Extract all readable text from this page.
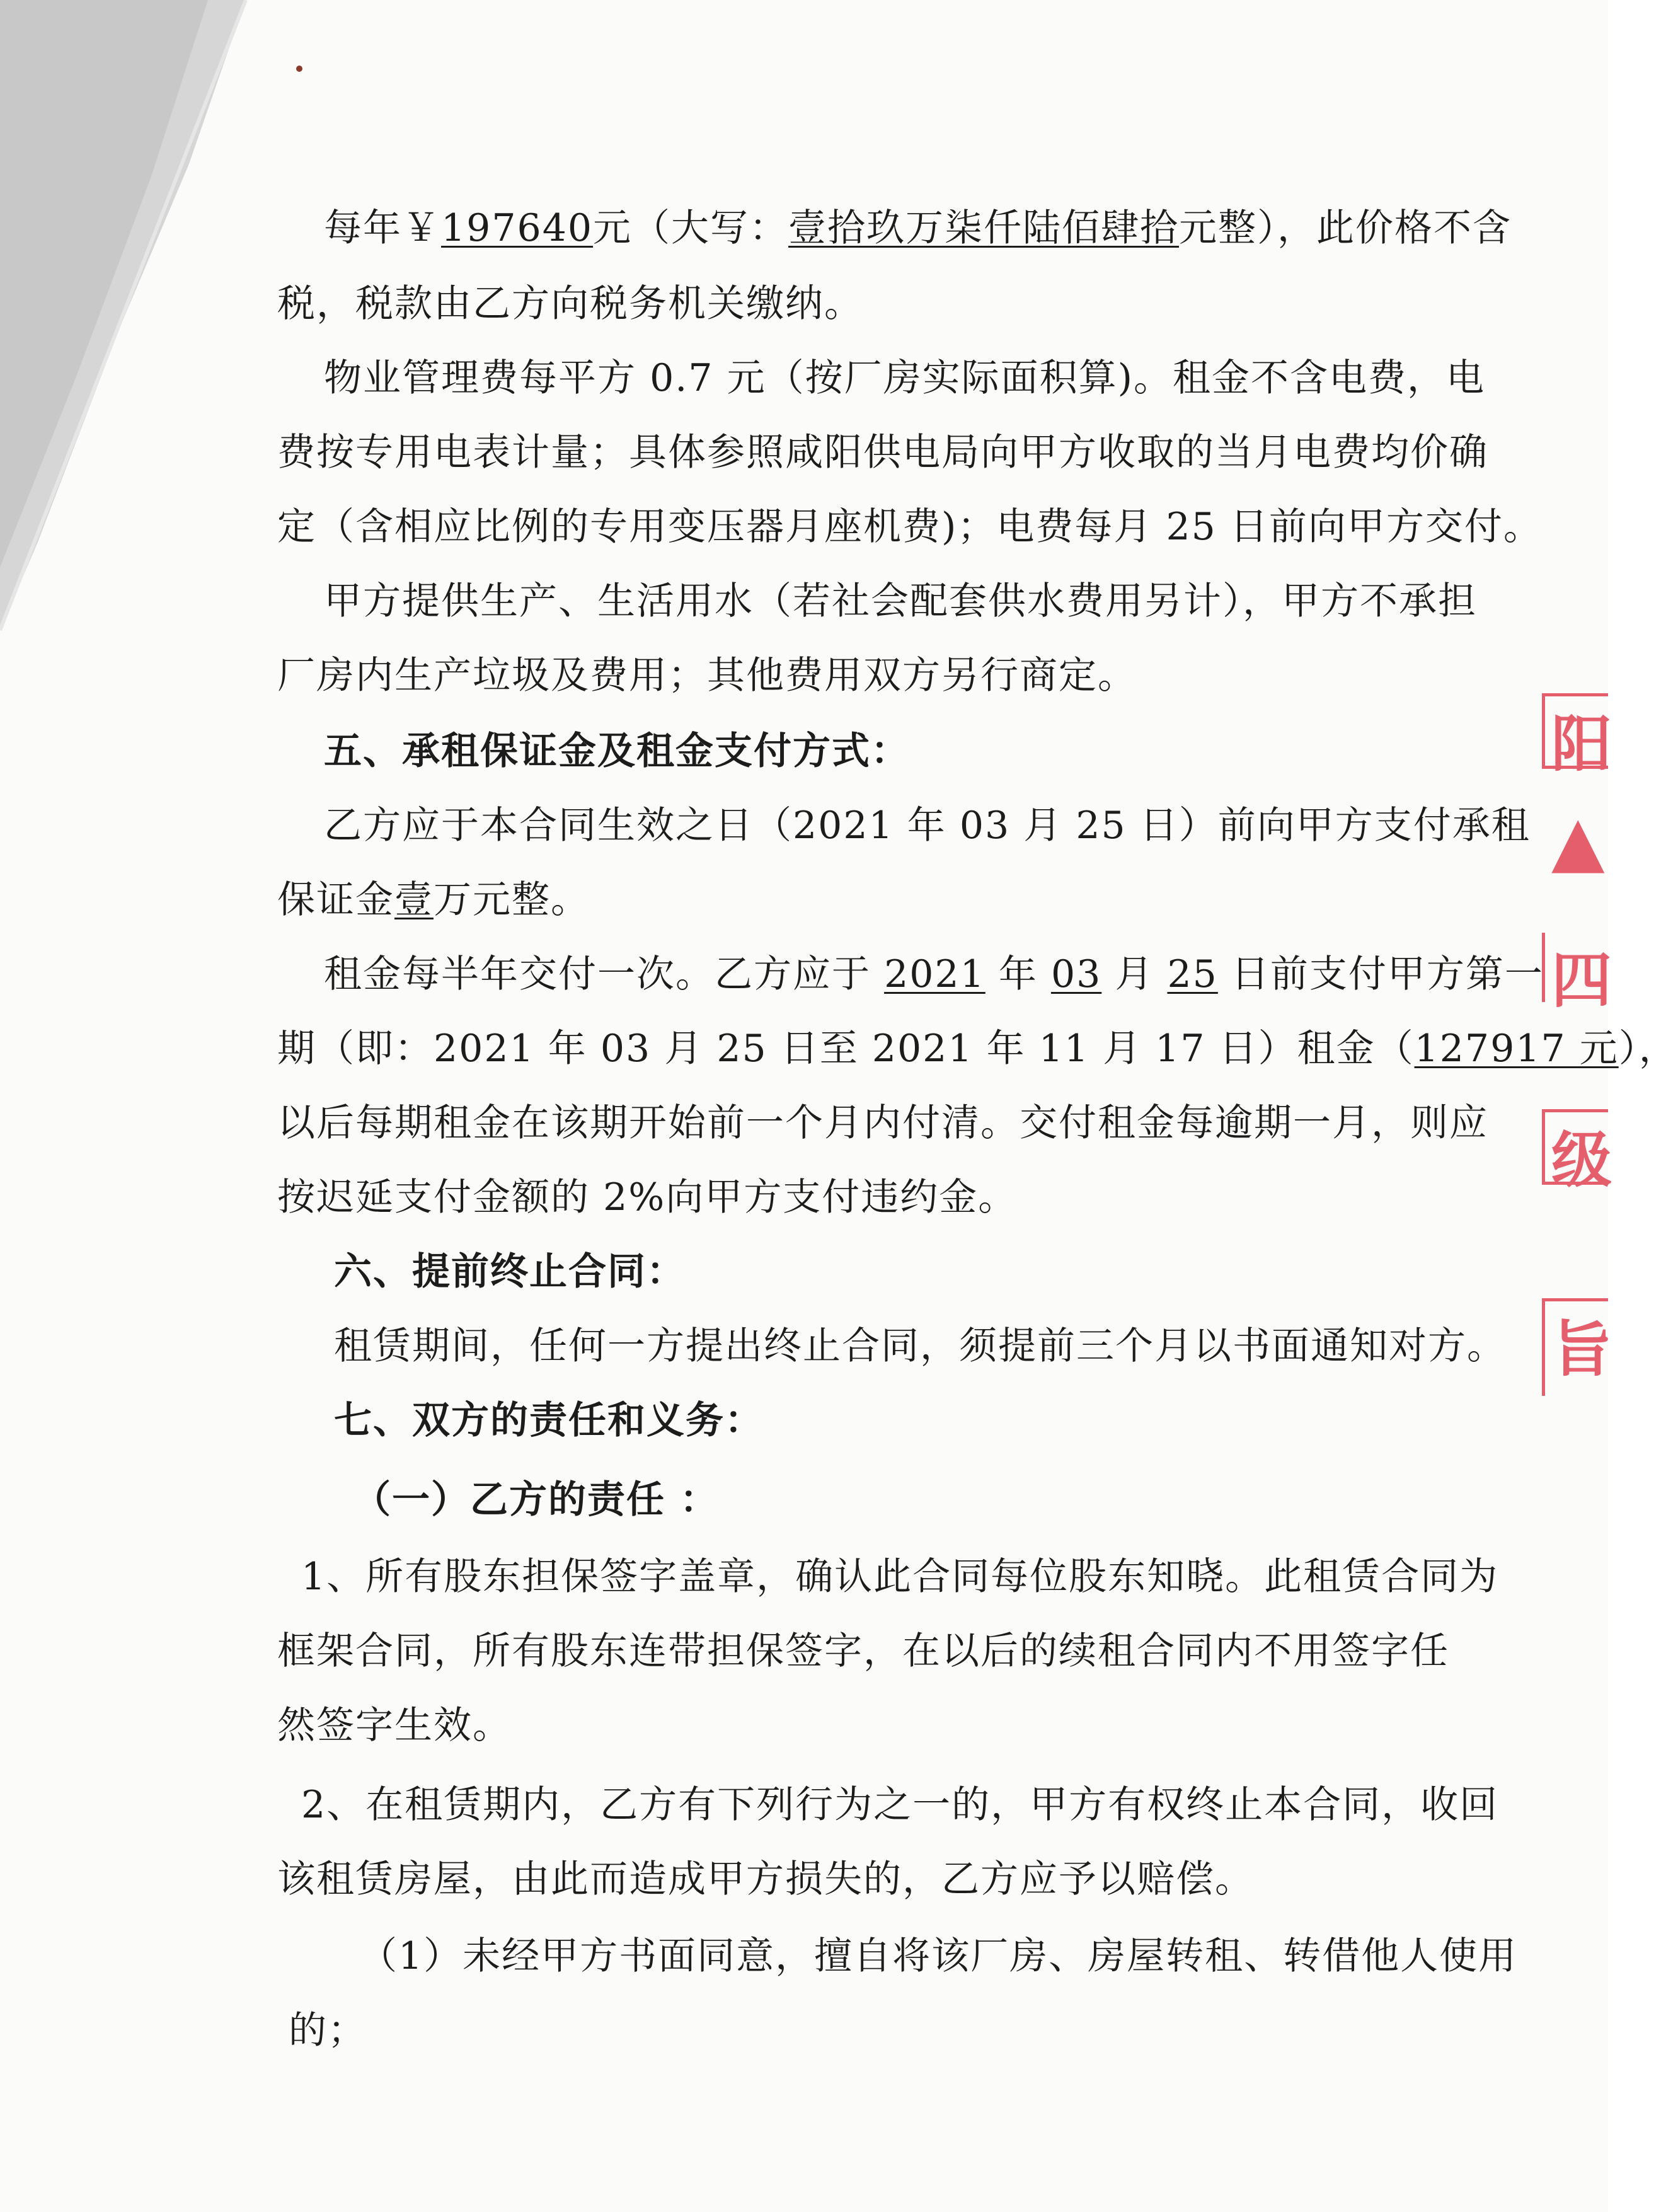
每年￥197640元（大写：壹拾玖万柒仟陆佰肆拾元整），此价格不含
税，税款由乙方向税务机关缴纳。
物业管理费每平方 0.7 元（按厂房实际面积算)。租金不含电费，电
费按专用电表计量；具体参照咸阳供电局向甲方收取的当月电费均价确
定（含相应比例的专用变压器月座机费)；电费每月 25 日前向甲方交付。
甲方提供生产、生活用水（若社会配套供水费用另计），甲方不承担
厂房内生产垃圾及费用；其他费用双方另行商定。
五、承租保证金及租金支付方式：
乙方应于本合同生效之日（2021 年 03 月 25 日）前向甲方支付承租
保证金壹万元整。
租金每半年交付一次。乙方应于 2021 年 03 月 25 日前支付甲方第一
期（即：2021 年 03 月 25 日至 2021 年 11 月 17 日）租金（127917 元），
以后每期租金在该期开始前一个月内付清。交付租金每逾期一月，则应
按迟延支付金额的 2%向甲方支付违约金。
六、提前终止合同：
租赁期间，任何一方提出终止合同，须提前三个月以书面通知对方。
七、双方的责任和义务：
（一）乙方的责任 ：
1、所有股东担保签字盖章，确认此合同每位股东知晓。此租赁合同为
框架合同，所有股东连带担保签字，在以后的续租合同内不用签字任
然签字生效。
2、在租赁期内，乙方有下列行为之一的，甲方有权终止本合同，收回
该租赁房屋，由此而造成甲方损失的，乙方应予以赔偿。
（1）未经甲方书面同意，擅自将该厂房、房屋转租、转借他人使用
的；
阳
▲
四
级
旨
